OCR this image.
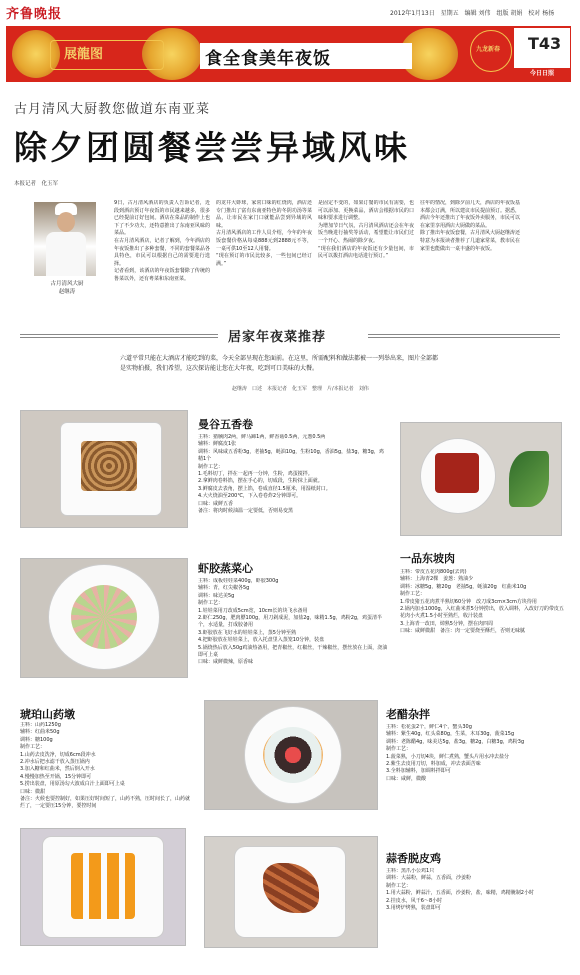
齐鲁晚报	2012年1月13日 星期五 编辑 刘伟 组版 胡娟 校对 杨扬
展龍图	食全食美年夜饭	九龙新春 T43
今日日照
古月清风大厨教您做道东南亚菜
除夕团圆餐尝尝异域风味
本报记者　化玉军
古月清风大厨
赵继涛
9日，古月清风酒店的负责人告诉记者，近段到酒店预订年夜饭的市民越来越多，很多已经提前订好包间。酒店在菜品的制作上也下了不少功夫，还特意推出了东南亚风味的菜品。
在古月清风酒店，记者了解到，今年酒店的年夜饭推出了多种套餐，不同的套餐菜品各具特色，市民可以根据自己的需要进行选择。
记者看到，该酒店的年夜饭套餐除了传统的鲁菜以外，还有粤菜和东南亚菜。
的龙井大虾球，家常口味的红烧肉，酒店还专门推出了富有东南亚特色的冬阴功汤等菜品，让市民在家门口就能品尝到异域的风味。
古月清风酒店的工作人员介绍，今年的年夜饭套餐价格从每桌888元到2888元不等，一桌可供10至12人用餐。
“现在预订的市民比较多，一些包间已经订满。”
是固定不变的，如果订餐的市民有需要，也可以添加、更换菜品，酒店会根据市民的口味和要求进行调整。
为增加节日气氛，古月清风酒店还会在年夜饭当晚进行抽奖等活动，希望能让市民们过一个开心、热闹的除夕夜。
“现在我们酒店的年夜饭还有少量包间，市民可以拨打酒店电话进行预订。”
往年的情况，到除夕前几天，酒店的年夜饭基本都会订满，所以建议市民提前预订。据悉，酒店今年还推出了年夜饭外卖服务，市民可以在家里享用酒店大厨做的菜品。
除了推出年夜饭套餐，古月清风大厨赵继涛还特意为本报读者推荐了几道家常菜，教市民在家里也能做出一桌丰盛的年夜饭。
居家年夜菜推荐
六道平常只能在大酒店才能吃到的菜，今天全部呈现在您面前。在这里，所需配料和做法都被一一列举出来，图片全部都是实物拍摄，我们希望，这次探访能让您在大年夜，吃到可口美味的大餐。
赵继涛　口述　本报记者　化玉军　整理　片/本报记者　刘伟
曼谷五香卷
主料：猪腩肉2两，鲜马蹄1两，鲜香菇0.5两，元葱0.5两
辅料：鲜腐皮1张
调料：风味咸五香粉3g，老抽5g，蚝油10g，生粉10g，香油5g，盐3g，糖3g，鸡精1个
制作工艺：
1.毛料切丁，拌在一起再一分钟，生粉，鸡蛋搅拌。
2.拿鲜肉卷料馅，摆在手心的，切成段，生粉抹上面就。
3.鲜腐皮去表角，摆上馅，卷成直径1.5厘米，用湿纸封口。
4.大火烧油至200℃，下入卷卷炸2分钟即可。
口味：咸鲜五香
备注：将肉时候油温一定要低，否则易变黑
一品东坡肉
主料：带皮五花肉800g(去肉)
辅料：上海青2棵　姜葱：熟油少
调料：冰糖5g，糖20g　老抽5g，蚝油20g　红曲米10g
制作工艺：
1.带皮猪五花肉煮半熟切60分钟　改刀成3cm×3cm方块待用
2.锅内加水1000g，入红曲米煮5分钟捞出，放入调料，入改好刀的带皮五花肉小火煮1.5小时至熟烂，收汁装盘
3.上海青一改田，焯熟5分钟，摆在肉四周
口味：咸鲜微甜　备注：肉一定要烧至酥烂，否则无味腻
虾胶蒸菜心
主料：成板娃娃菜400g，虾胶300g
辅料：青，红尖椒各5g
调料：味达美5g
制作工艺：
1.娃娃菜用刀改成5cm宽，10cm长的块飞水备用
2.虾仁250g，肥肉膘100g，用刀剁成泥，加盐2g，味精1.5g，鸡粉2g，鸡蛋清半个，水适量，打成胶备用
3.虾胶放在飞好水的娃娃菜上，蒸5分钟至熟
4.把虾胶放在娃娃菜上，放入托盘里入蒸笼10分钟，装盘
5.锅烧热后放入50g鸡油热备用，把青椒丝，红椒丝，干辣椒丝，摆丝放在上面，浇油即可上桌
口味：咸鲜微辣，原香味
琥珀山药墩
主料：山药1250g
辅料：红曲米50g
调料：糖100g
制作工艺：
1.山药去皮洗净，切成6cm段冲水
2.冲水后把水滤干放入蒸压锅内
3.加入糖和红曲米，然后倒入开水
4.慢慢加热至开锅，15分钟即可
5.捞出装盘，用原汤勾大波成白汁上面即可上桌
口味：微甜
备注：火候也要控制好，如果压好时间短了，山药不熟，压时间长了，山药就烂了，一定要压15分钟，要控时间
老醋杂拌
主料：松花蛋2个，鲜仁4个，蟹头30g
辅料：紫生40g，红头菜80g，生菜，木耳30g，菠菜15g
调料：老陈醋4g，味美达5g，盐3g，糖2g，白糖3g，鸡粉3g
制作工艺：
1.菠菜熟，小刀切4块，鲜仁煮熟，蟹头片用水冲去盐分
2.紫生去皮用刀切，料加成，冲去表面苦味
3.全料加辅料，加调料拌即可
口味：咸鲜，微酸
蒜香脱皮鸡
主料：黑爪小公鸡1只
调料：大蒜粉，鲜蒜，五香面，沙姜粉
制作工艺：
1.用大蒜粉，鲜蒜汁，五香面，沙姜粉，盐，味精，鸡精腌制2小时
2.挂皮水，风干6～8小时
3.用烤炉烤熟，装盘即可
